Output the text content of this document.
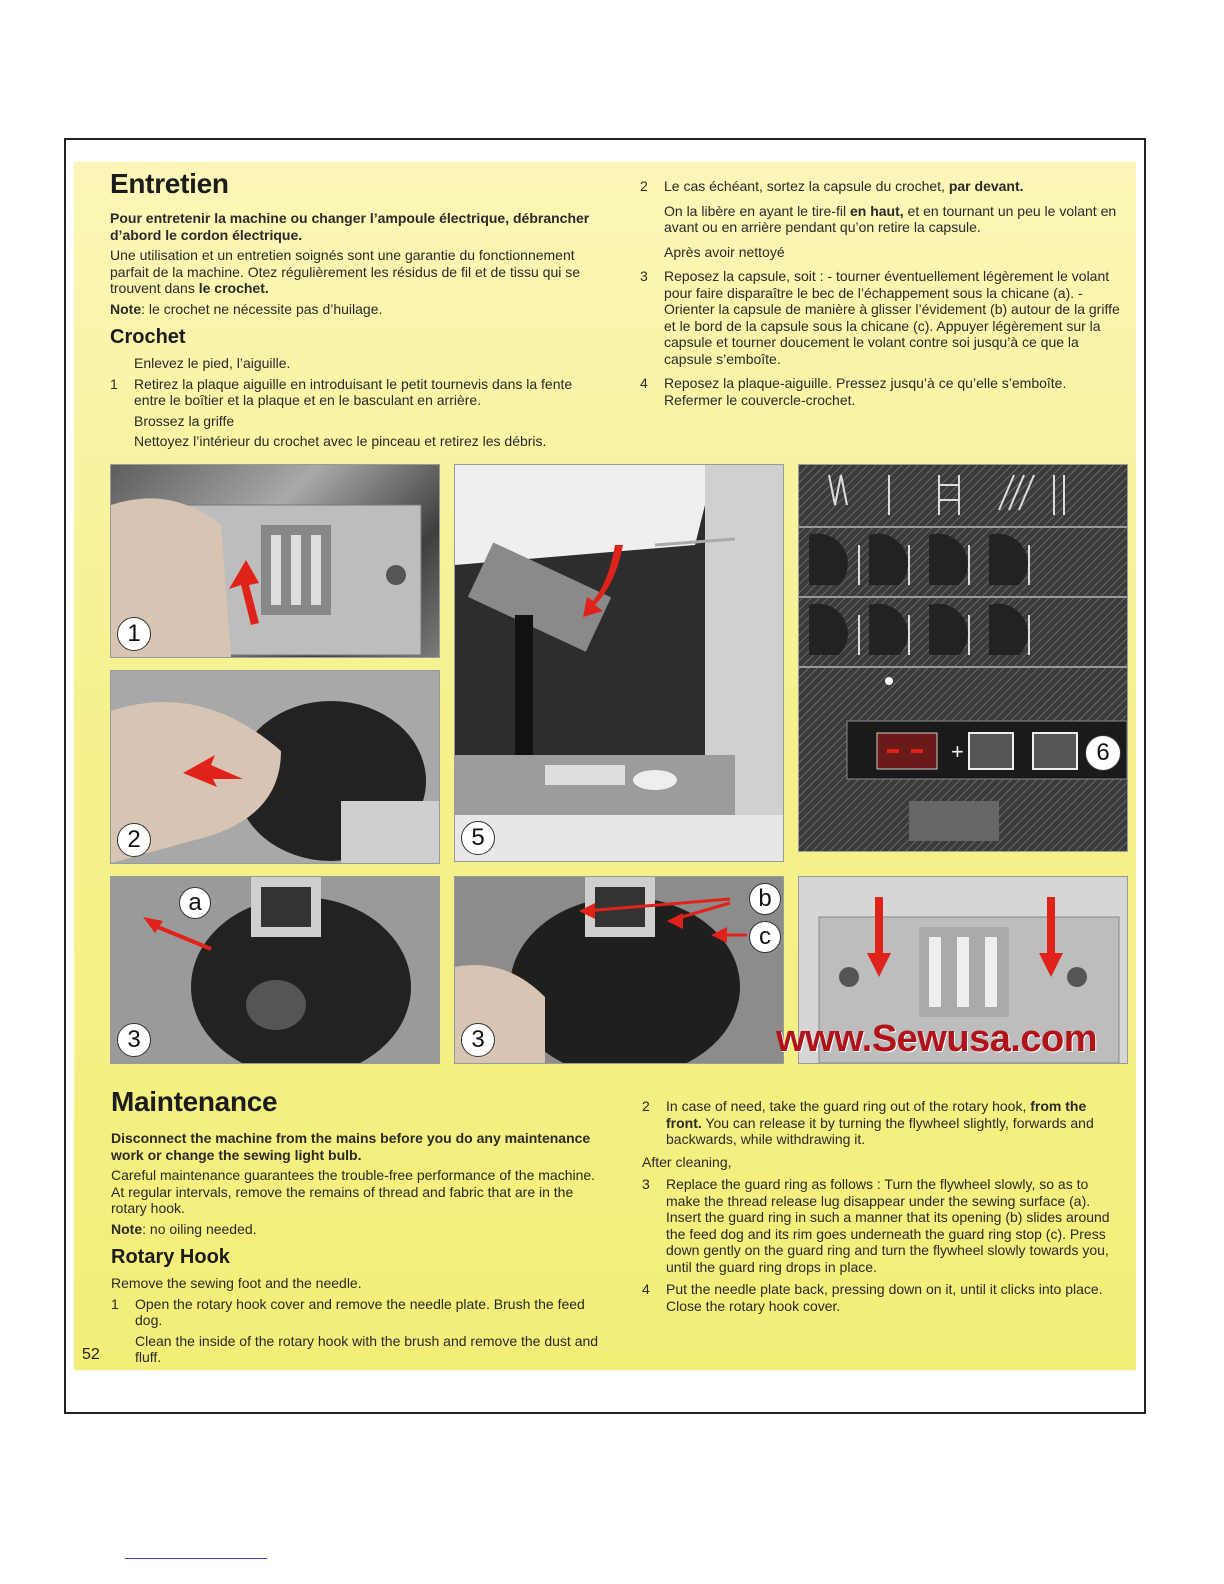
Entretien

Pour entretenir la machine ou changer l’ampoule électrique, débrancher d’abord le cordon électrique.

Une utilisation et un entretien soignés sont une garantie du fonctionnement parfait de la machine. Otez régulièrement les résidus de fil et de tissu qui se trouvent dans le crochet.

Note: le crochet ne nécessite pas d’huilage.

Crochet

Enlevez le pied, l’aiguille.

1 Retirez la plaque aiguille en introduisant le petit tournevis dans la fente entre le boîtier et la plaque et en le basculant en arrière.

Brossez la griffe

Nettoyez l’intérieur du crochet avec le pinceau et retirez les débris.

2 Le cas échéant, sortez la capsule du crochet, par devant.

On la libère en ayant le tire-fil en haut, et en tournant un peu le volant en avant ou en arrière pendant qu’on retire la capsule.

Après avoir nettoyé

3 Reposez la capsule, soit : - tourner éventuellement légèrement le volant pour faire disparaître le bec de l’échappement sous la chicane (a). - Orienter la capsule de manière à glisser l’évidement (b) autour de la griffe et le bord de la capsule sous la chicane (c). Appuyer légèrement sur la capsule et tourner doucement le volant contre soi jusqu’à ce que la capsule s’emboîte.
4 Reposez la plaque-aiguille. Pressez jusqu’à ce qu’elle s’emboîte. Refermer le couvercle-crochet.
1
2	5
+	6
a
3
b
c
3	www.Sewusa.com
Maintenance

Disconnect the machine from the mains before you do any maintenance work or change the sewing light bulb.

Careful maintenance guarantees the trouble-free performance of the machine. At regular intervals, remove the remains of thread and fabric that are in the rotary hook.

Note: no oiling needed.

Rotary Hook

Remove the sewing foot and the needle.

1 Open the rotary hook cover and remove the needle plate. Brush the feed dog.

Clean the inside of the rotary hook with the brush and remove the dust and fluff.

2 In case of need, take the guard ring out of the rotary hook, from the front. You can release it by turning the flywheel slightly, forwards and backwards, while withdrawing it.

After cleaning,

3 Replace the guard ring as follows : Turn the flywheel slowly, so as to make the thread release lug disappear under the sewing surface (a). Insert the guard ring in such a manner that its opening (b) slides around the feed dog and its rim goes underneath the guard ring stop (c). Press down gently on the guard ring and turn the flywheel slowly towards you, until the guard ring drops in place.
4 Put the needle plate back, pressing down on it, until it clicks into place. Close the rotary hook cover.
52
